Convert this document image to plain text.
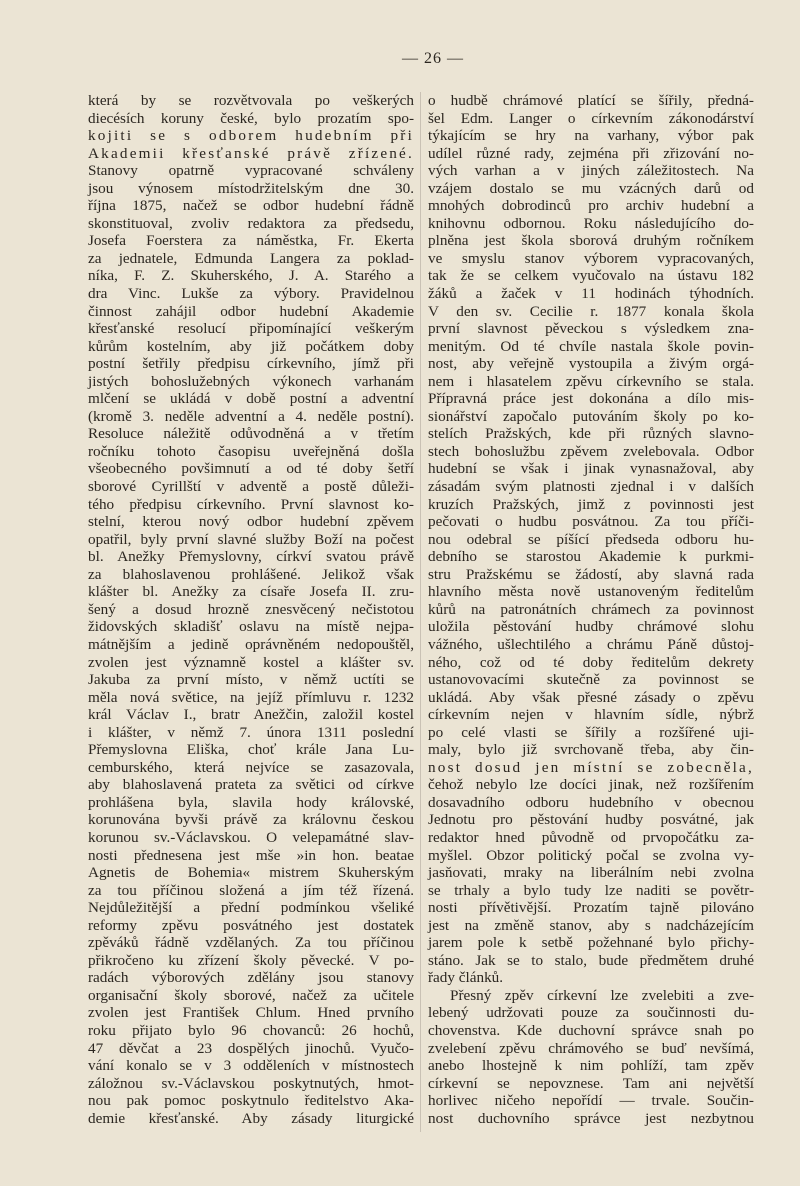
— 26 —
která by se rozvětvovala po veškerých
diecésích koruny české, bylo prozatím spo-
kojiti se s odborem hudebním při
Akademii křesťanské právě zřízené.
Stanovy opatrně vypracované schváleny
jsou výnosem místodržitelským dne 30.
října 1875, načež se odbor hudební řádně
skonstituoval, zvoliv redaktora za předsedu,
Josefa Foerstera za náměstka, Fr. Ekerta
za jednatele, Edmunda Langera za poklad-
níka, F. Z. Skuherského, J. A. Starého a
dra Vinc. Lukše za výbory. Pravidelnou
činnost zahájil odbor hudební Akademie
křesťanské resolucí připomínající veškerým
kůrům kostelním, aby již počátkem doby
postní šetřily předpisu církevního, jímž při
jistých bohoslužebných výkonech varhanám
mlčení se ukládá v době postní a adventní
(kromě 3. neděle adventní a 4. neděle postní).
Resoluce náležitě odůvodněná a v třetím
ročníku tohoto časopisu uveřejněná došla
všeobecného povšimnutí a od té doby šetří
sborové Cyrillští v adventě a postě důleži-
tého předpisu církevního. První slavnost ko-
stelní, kterou nový odbor hudební zpěvem
opatřil, byly první slavné služby Boží na počest
bl. Anežky Přemyslovny, církví svatou právě
za blahoslavenou prohlášené. Jelikož však
klášter bl. Anežky za císaře Josefa II. zru-
šený a dosud hrozně znesvěcený nečistotou
židovských skladišť oslavu na místě nejpa-
mátnějším a jedině oprávněném nedopouštěl,
zvolen jest významně kostel a klášter sv.
Jakuba za první místo, v němž uctíti se
měla nová světice, na jejíž přímluvu r. 1232
král Václav I., bratr Anežčin, založil kostel
i klášter, v němž 7. února 1311 poslední
Přemyslovna Eliška, choť krále Jana Lu-
cemburského, která nejvíce se zasazovala,
aby blahoslavená prateta za světici od církve
prohlášena byla, slavila hody královské,
korunována byvši právě za královnu českou
korunou sv.-Václavskou. O velepamátné slav-
nosti přednesena jest mše »in hon. beatae
Agnetis de Bohemia« mistrem Skuherským
za tou příčinou složená a jím též řízená.
Nejdůležitější a přední podmínkou všeliké
reformy zpěvu posvátného jest dostatek
zpěváků řádně vzdělaných. Za tou příčinou
přikročeno ku zřízení školy pěvecké. V po-
radách výborových zdělány jsou stanovy
organisační školy sborové, načež za učitele
zvolen jest František Chlum. Hned prvního
roku přijato bylo 96 chovanců: 26 hochů,
47 děvčat a 23 dospělých jinochů. Vyučo-
vání konalo se v 3 odděleních v místnostech
záložnou sv.-Václavskou poskytnutých, hmot-
nou pak pomoc poskytnulo ředitelstvo Aka-
demie křesťanské. Aby zásady liturgické
o hudbě chrámové platící se šířily, předná-
šel Edm. Langer o církevním zákonodárství
týkajícím se hry na varhany, výbor pak
udílel různé rady, zejména při zřizování no-
vých varhan a v jiných záležitostech. Na
vzájem dostalo se mu vzácných darů od
mnohých dobrodinců pro archiv hudební a
knihovnu odbornou. Roku následujícího do-
plněna jest škola sborová druhým ročníkem
ve smyslu stanov výborem vypracovaných,
tak že se celkem vyučovalo na ústavu 182
žáků a žaček v 11 hodinách týhodních.
V den sv. Cecilie r. 1877 konala škola
první slavnost pěveckou s výsledkem zna-
menitým. Od té chvíle nastala škole povin-
nost, aby veřejně vystoupila a živým orgá-
nem i hlasatelem zpěvu církevního se stala.
Přípravná práce jest dokonána a dílo mis-
sionářství započalo putováním školy po ko-
stelích Pražských, kde při různých slavno-
stech bohoslužbu zpěvem zvelebovala. Odbor
hudební se však i jinak vynasnažoval, aby
zásadám svým platnosti zjednal i v dalších
kruzích Pražských, jimž z povinnosti jest
pečovati o hudbu posvátnou. Za tou příči-
nou odebral se píšící předseda odboru hu-
debního se starostou Akademie k purkmi-
stru Pražskému se žádostí, aby slavná rada
hlavního města nově ustanoveným ředitelům
kůrů na patronátních chrámech za povinnost
uložila pěstování hudby chrámové slohu
vážného, ušlechtilého a chrámu Páně důstoj-
ného, což od té doby ředitelům dekrety
ustanovovacími skutečně za povinnost se
ukládá. Aby však přesné zásady o zpěvu
církevním nejen v hlavním sídle, nýbrž
po celé vlasti se šířily a rozšířené uji-
maly, bylo již svrchovaně třeba, aby čin-
nost dosud jen místní se zobecněla,
čehož nebylo lze docíci jinak, než rozšířením
dosavadního odboru hudebního v obecnou
Jednotu pro pěstování hudby posvátné, jak
redaktor hned původně od prvopočátku za-
myšlel. Obzor politický počal se zvolna vy-
jasňovati, mraky na liberálním nebi zvolna
se trhaly a bylo tudy lze naditi se povětr-
nosti přívětivější. Prozatím tajně pilováno
jest na změně stanov, aby s nadcházejícím
jarem pole k setbě požehnané bylo přichy-
stáno. Jak se to stalo, bude předmětem druhé
řady článků.
Přesný zpěv církevní lze zvelebiti a zve-
lebený udržovati pouze za součinnosti du-
chovenstva. Kde duchovní správce snah po
zvelebení zpěvu chrámového se buď nevšímá,
anebo lhostejně k nim pohlíží, tam zpěv
církevní se nepovznese. Tam ani největší
horlivec ničeho nepořídí — trvale. Součin-
nost duchovního správce jest nezbytnou
